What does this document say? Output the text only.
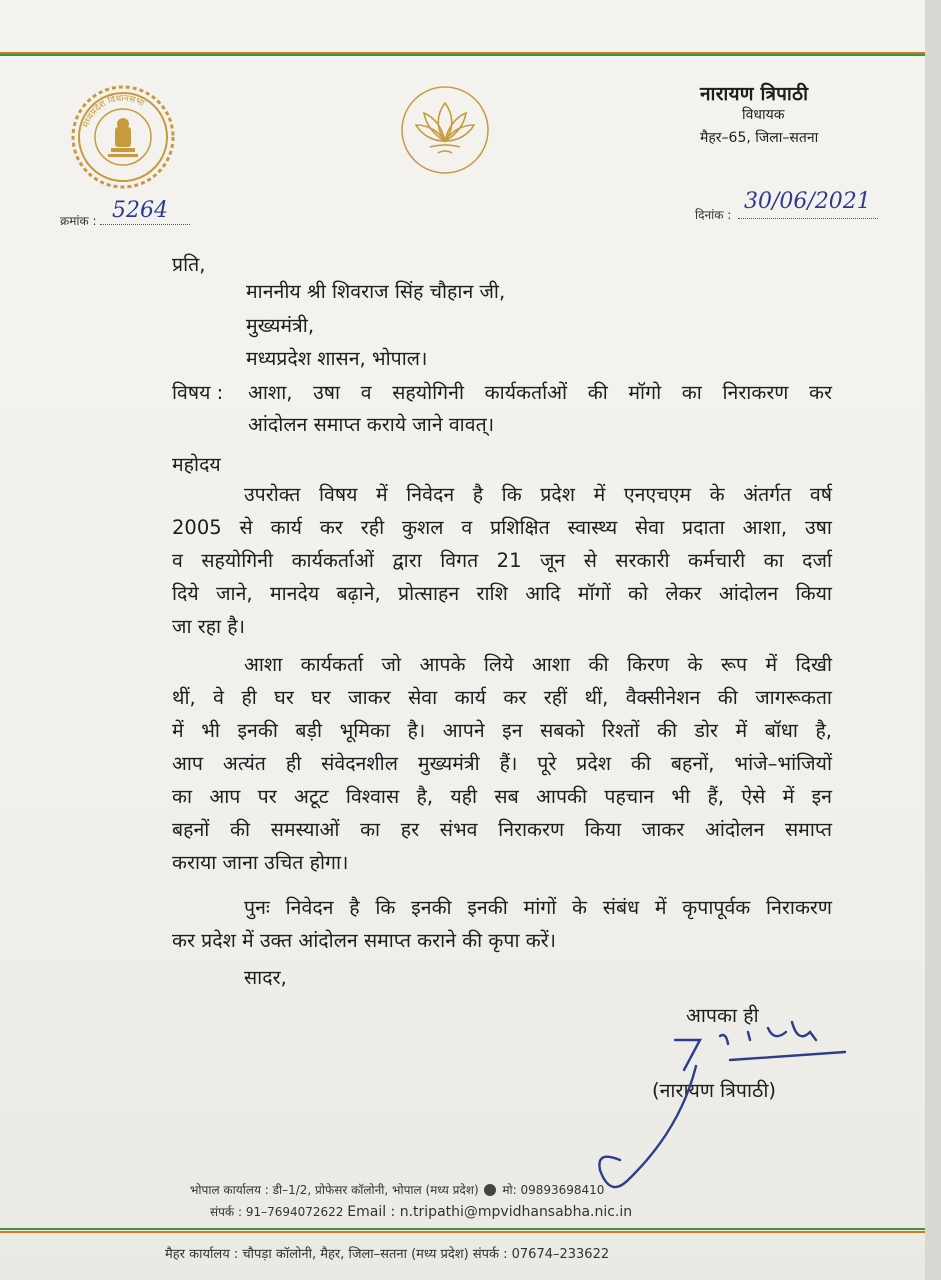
मध्यप्रदेश विधानसभा	नारायण त्रिपाठी
विधायक
मैहर–65, जिला–सतना
क्रमांक : 5264	दिनांक :
30/06/2021
प्रति,
माननीय श्री शिवराज सिंह चौहान जी,
मुख्यमंत्री,
मध्यप्रदेश शासन, भोपाल।
विषय : आशा, उषा व सहयोगिनी कार्यकर्ताओं की मॉगो का निराकरण कर
आंदोलन समाप्त कराये जाने वावत्।
महोदय
उपरोक्त विषय में निवेदन है कि प्रदेश में एनएचएम के अंतर्गत वर्ष
2005 से कार्य कर रही कुशल व प्रशिक्षित स्वास्थ्य सेवा प्रदाता आशा, उषा
व सहयोगिनी कार्यकर्ताओं द्वारा विगत 21 जून से सरकारी कर्मचारी का दर्जा
दिये जाने, मानदेय बढ़ाने, प्रोत्साहन राशि आदि मॉगों को लेकर आंदोलन किया
जा रहा है।
आशा कार्यकर्ता जो आपके लिये आशा की किरण के रूप में दिखी
थीं, वे ही घर घर जाकर सेवा कार्य कर रहीं थीं, वैक्सीनेशन की जागरूकता
में भी इनकी बड़ी भूमिका है। आपने इन सबको रिश्तों की डोर में बॉधा है,
आप अत्यंत ही संवेदनशील मुख्यमंत्री हैं। पूरे प्रदेश की बहनों, भांजे–भांजियों
का आप पर अटूट विश्वास है, यही सब आपकी पहचान भी हैं, ऐसे में इन
बहनों की समस्याओं का हर संभव निराकरण किया जाकर आंदोलन समाप्त
कराया जाना उचित होगा।
पुनः निवेदन है कि इनकी इनकी मांगों के संबंध में कृपापूर्वक निराकरण
कर प्रदेश में उक्त आंदोलन समाप्त कराने की कृपा करें।
सादर,
आपका ही
(नारायण त्रिपाठी)
भोपाल कार्यालय : डी–1/2, प्रोफेसर कॉलोनी, भोपाल (मध्य प्रदेश) मो: 09893698410
संपर्क : 91–7694072622 Email : n.tripathi@mpvidhansabha.nic.in
मैहर कार्यालय : चौपड़ा कॉलोनी, मैहर, जिला–सतना (मध्य प्रदेश) संपर्क : 07674–233622
